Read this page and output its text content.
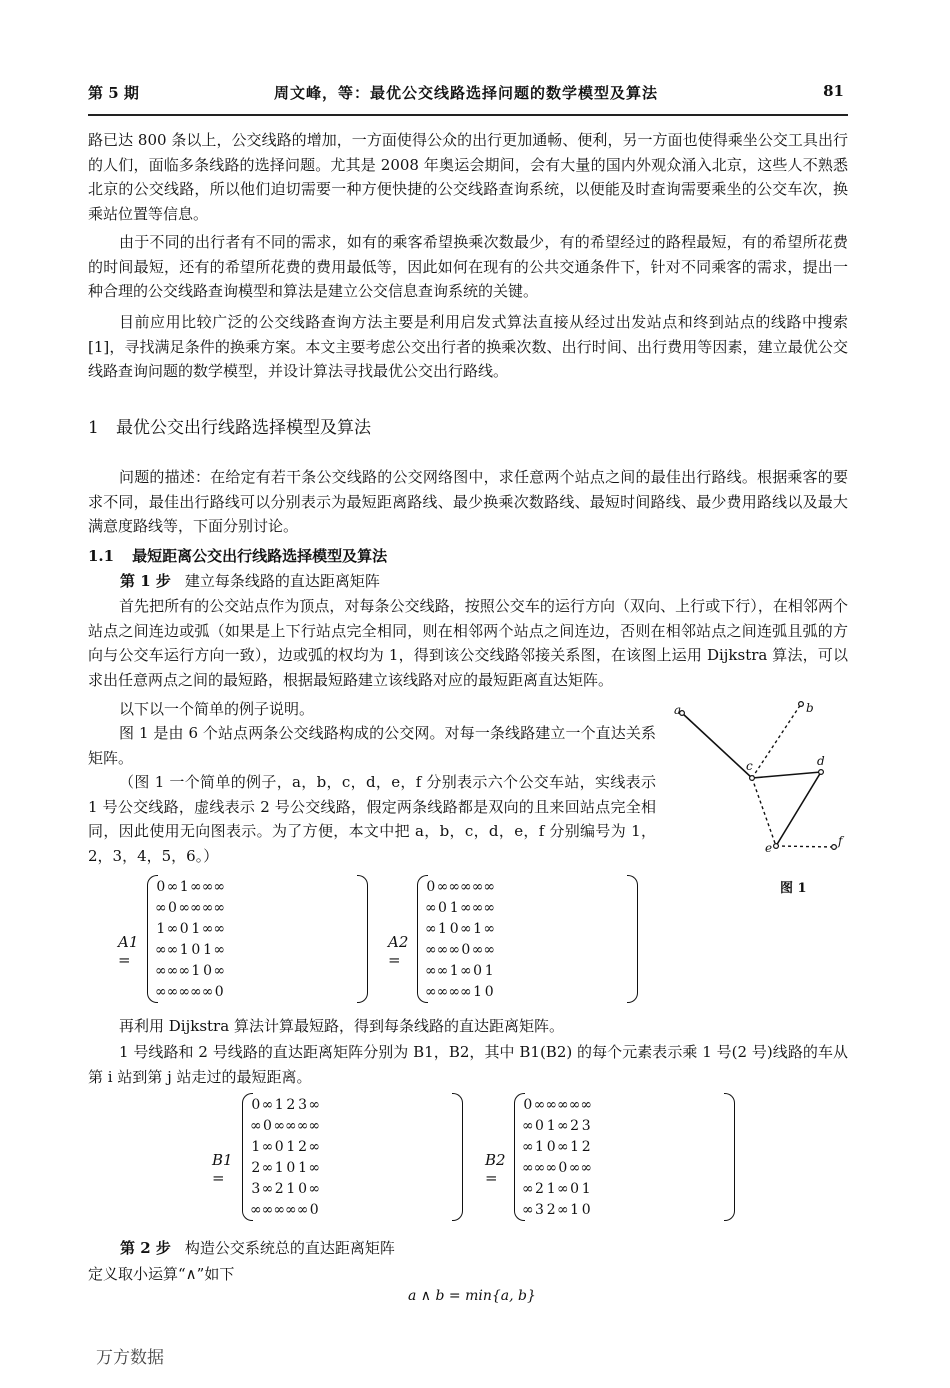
第 5 期	周文峰，等：最优公交线路选择问题的数学模型及算法	81
路已达 800 条以上，公交线路的增加，一方面使得公众的出行更加通畅、便利，另一方面也使得乘坐公交工具出行的人们，面临多条线路的选择问题。尤其是 2008 年奥运会期间，会有大量的国内外观众涌入北京，这些人不熟悉北京的公交线路，所以他们迫切需要一种方便快捷的公交线路查询系统，以便能及时查询需要乘坐的公交车次，换乘站位置等信息。
由于不同的出行者有不同的需求，如有的乘客希望换乘次数最少，有的希望经过的路程最短，有的希望所花费的时间最短，还有的希望所花费的费用最低等，因此如何在现有的公共交通条件下，针对不同乘客的需求，提出一种合理的公交线路查询模型和算法是建立公交信息查询系统的关键。
目前应用比较广泛的公交线路查询方法主要是利用启发式算法直接从经过出发站点和终到站点的线路中搜索[1]，寻找满足条件的换乘方案。本文主要考虑公交出行者的换乘次数、出行时间、出行费用等因素，建立最优公交线路查询问题的数学模型，并设计算法寻找最优公交出行路线。
1 最优公交出行线路选择模型及算法
问题的描述：在给定有若干条公交线路的公交网络图中，求任意两个站点之间的最佳出行路线。根据乘客的要求不同，最佳出行路线可以分别表示为最短距离路线、最少换乘次数路线、最短时间路线、最少费用路线以及最大满意度路线等，下面分别讨论。
1.1 最短距离公交出行线路选择模型及算法
第 1 步 建立每条线路的直达距离矩阵
首先把所有的公交站点作为顶点，对每条公交线路，按照公交车的运行方向（双向、上行或下行），在相邻两个站点之间连边或弧（如果是上下行站点完全相同，则在相邻两个站点之间连边，否则在相邻站点之间连弧且弧的方向与公交车运行方向一致），边或弧的权均为 1，得到该公交线路邻接关系图，在该图上运用 Dijkstra 算法，可以求出任意两点之间的最短路，根据最短路建立该线路对应的最短距离直达矩阵。
以下以一个简单的例子说明。
图 1 是由 6 个站点两条公交线路构成的公交网。对每一条线路建立一个直达关系矩阵。
（图 1 一个简单的例子，a，b，c，d，e，f 分别表示六个公交车站，实线表示 1 号公交线路，虚线表示 2 号公交线路，假定两条线路都是双向的且来回站点完全相同，因此使用无向图表示。为了方便，本文中把 a，b，c，d，e，f 分别编号为 1，2，3，4，5，6。）
a	b
c	d
e	f
图 1
A1 =
0	∞	1	∞	∞	∞
∞	0	∞	∞	∞	∞
1	∞	0	1	∞	∞
∞	∞	1	0	1	∞
∞	∞	∞	1	0	∞
∞	∞	∞	∞	∞	0
A2 =
0	∞	∞	∞	∞	∞
∞	0	1	∞	∞	∞
∞	1	0	∞	1	∞
∞	∞	∞	0	∞	∞
∞	∞	1	∞	0	1
∞	∞	∞	∞	1	0
再利用 Dijkstra 算法计算最短路，得到每条线路的直达距离矩阵。
1 号线路和 2 号线路的直达距离矩阵分别为 B1，B2，其中 B1(B2) 的每个元素表示乘 1 号(2 号)线路的车从第 i 站到第 j 站走过的最短距离。
B1 =
0	∞	1	2	3	∞
∞	0	∞	∞	∞	∞
1	∞	0	1	2	∞
2	∞	1	0	1	∞
3	∞	2	1	0	∞
∞	∞	∞	∞	∞	0
B2 =
0	∞	∞	∞	∞	∞
∞	0	1	∞	2	3
∞	1	0	∞	1	2
∞	∞	∞	0	∞	∞
∞	2	1	∞	0	1
∞	3	2	∞	1	0
第 2 步 构造公交系统总的直达距离矩阵
定义取小运算“∧”如下
a ∧ b = min{a, b}
万方数据
